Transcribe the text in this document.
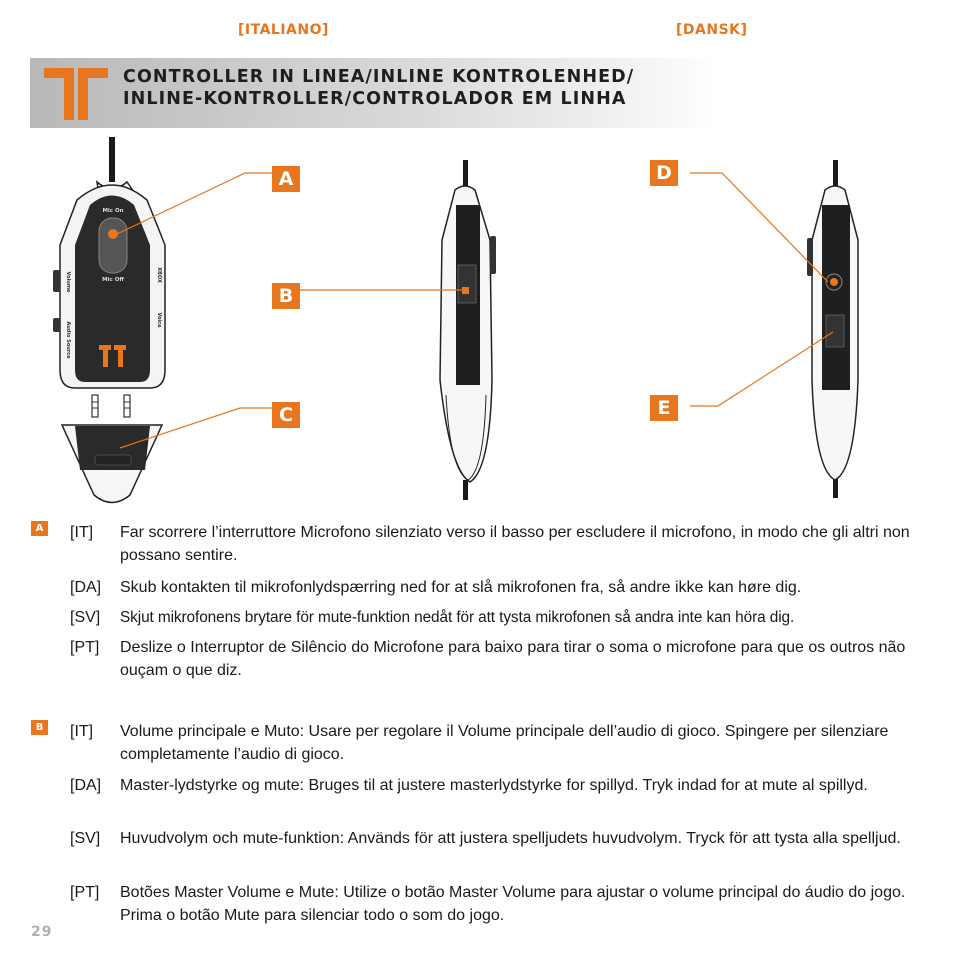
[ITALIANO]	[DANSK]
CONTROLLER IN LINEA/INLINE KONTROLENHED/
INLINE-KONTROLLER/CONTROLADOR EM LINHA
Mic On
Mic Off
Volume
Audio Source
XBOX
Voice
A
B
C
D
E
A [IT] Far scorrere l’interruttore Microfono silenziato verso il basso per escludere il microfono, in modo che gli altri non possano sentire.
[DA] Skub kontakten til mikrofonlydspærring ned for at slå mikrofonen fra, så andre ikke kan høre dig.
[SV] Skjut mikrofonens brytare för mute-funktion nedåt för att tysta mikrofonen så andra inte kan höra dig.
[PT] Deslize o Interruptor de Silêncio do Microfone para baixo para tirar o soma o microfone para que os outros não ouçam o que diz.
B [IT] Volume principale e Muto: Usare per regolare il Volume principale dell’audio di gioco. Spingere per silenziare completamente l’audio di gioco.
[DA] Master-lydstyrke og mute: Bruges til at justere masterlydstyrke for spillyd. Tryk indad for at mute al spillyd.
[SV] Huvudvolym och mute-funktion: Används för att justera spelljudets huvudvolym. Tryck för att tysta alla spelljud.
[PT] Botões Master Volume e Mute: Utilize o botão Master Volume para ajustar o volume principal do áudio do jogo. Prima o botão Mute para silenciar todo o som do jogo.
29
